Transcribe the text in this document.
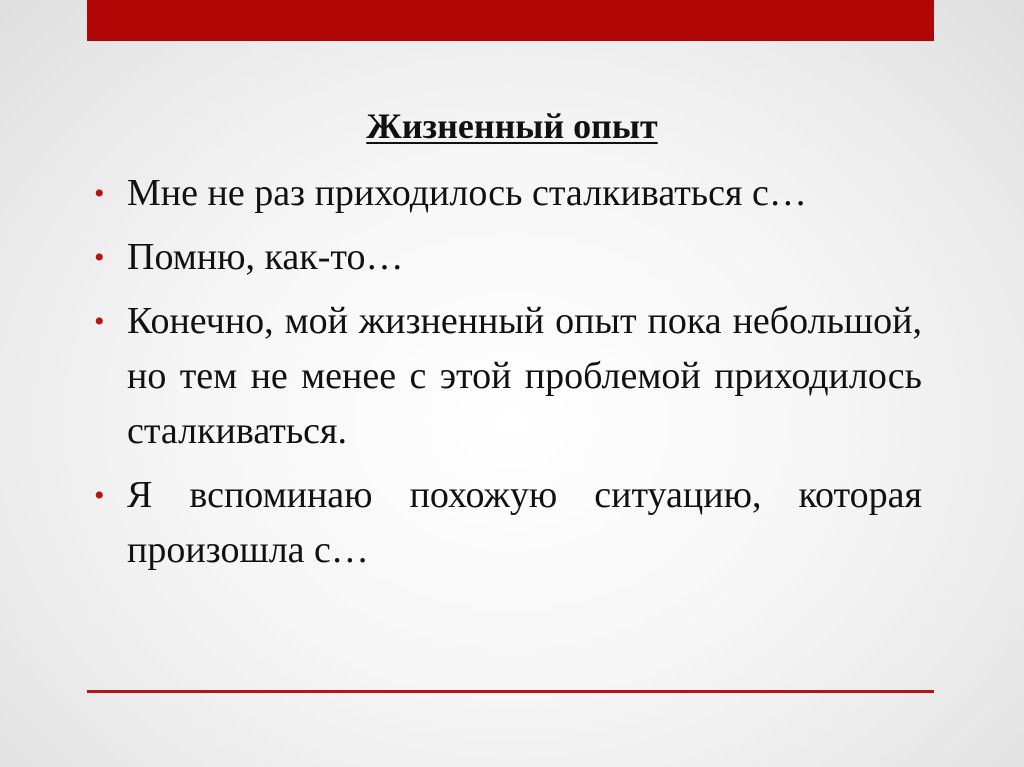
Жизненный опыт
• Мне не раз приходилось сталкиваться с…
• Помню, как-то…
• Конечно, мой жизненный опыт пока небольшой, но тем не менее с этой проблемой приходилось сталкиваться.
• Я вспоминаю похожую ситуацию, которая произошла с…
